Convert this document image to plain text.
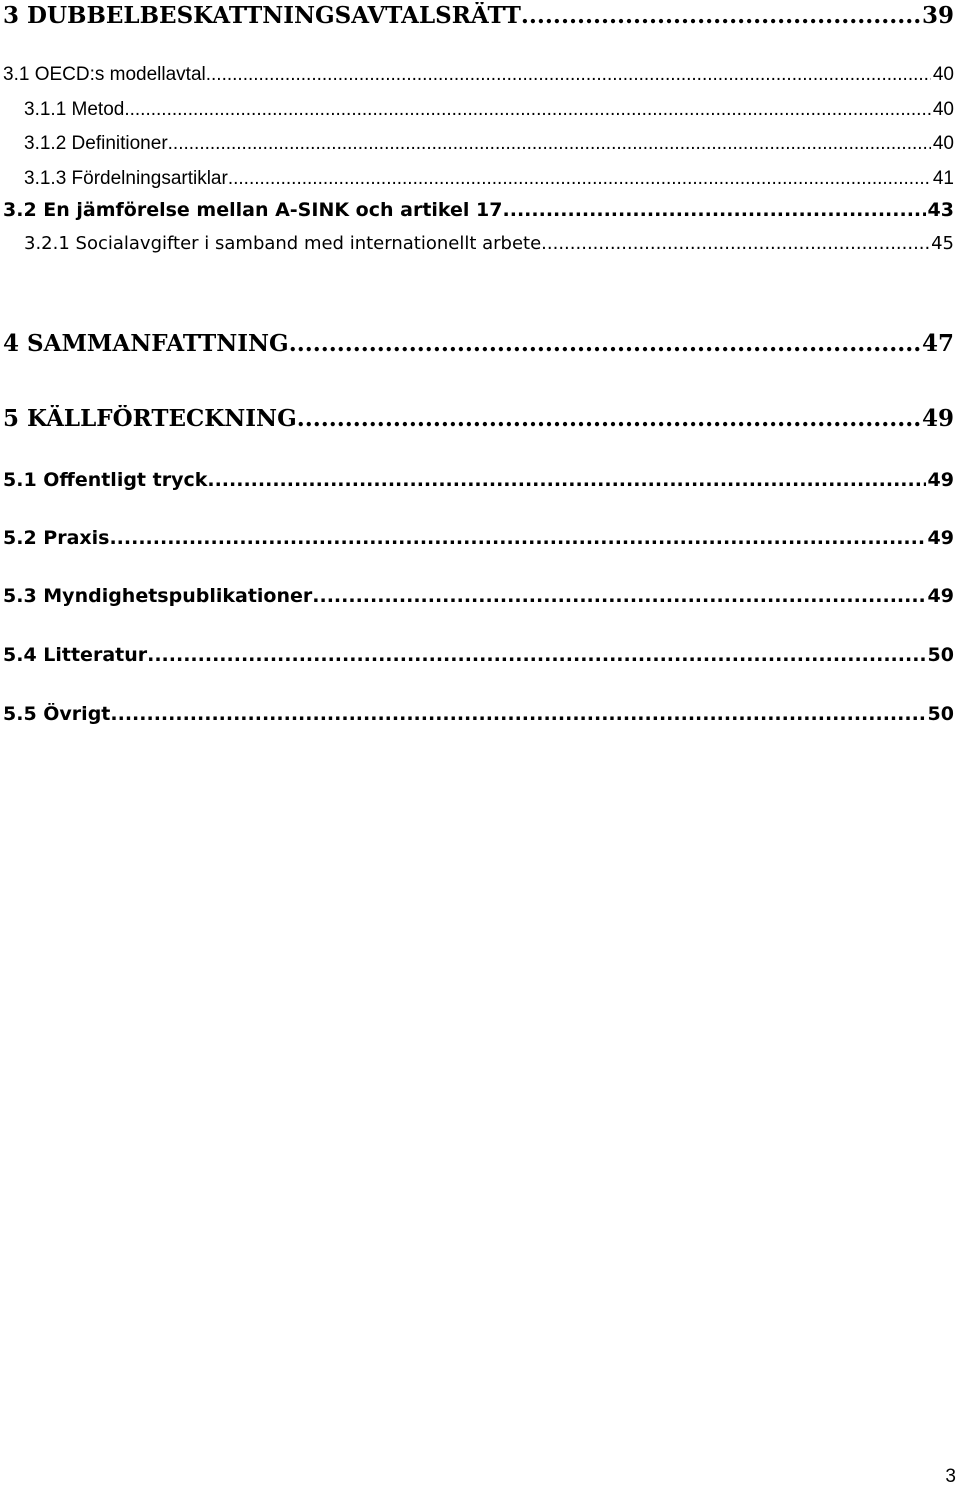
3 DUBBELBESKATTNINGSAVTALSRÄTT .....	39
3.1 OECD:s modellavtal .....	40
3.1.1 Metod .....	40
3.1.2 Definitioner .....	40
3.1.3 Fördelningsartiklar .....	41
3.2 En jämförelse mellan A-SINK och artikel 17 .....	43
3.2.1 Socialavgifter i samband med internationellt arbete .....	45
4 SAMMANFATTNING .....	47
5 KÄLLFÖRTECKNING .....	49
5.1 Offentligt tryck .....	49
5.2 Praxis .....	49
5.3 Myndighetspublikationer .....	49
5.4 Litteratur .....	50
5.5 Övrigt .....	50
3
